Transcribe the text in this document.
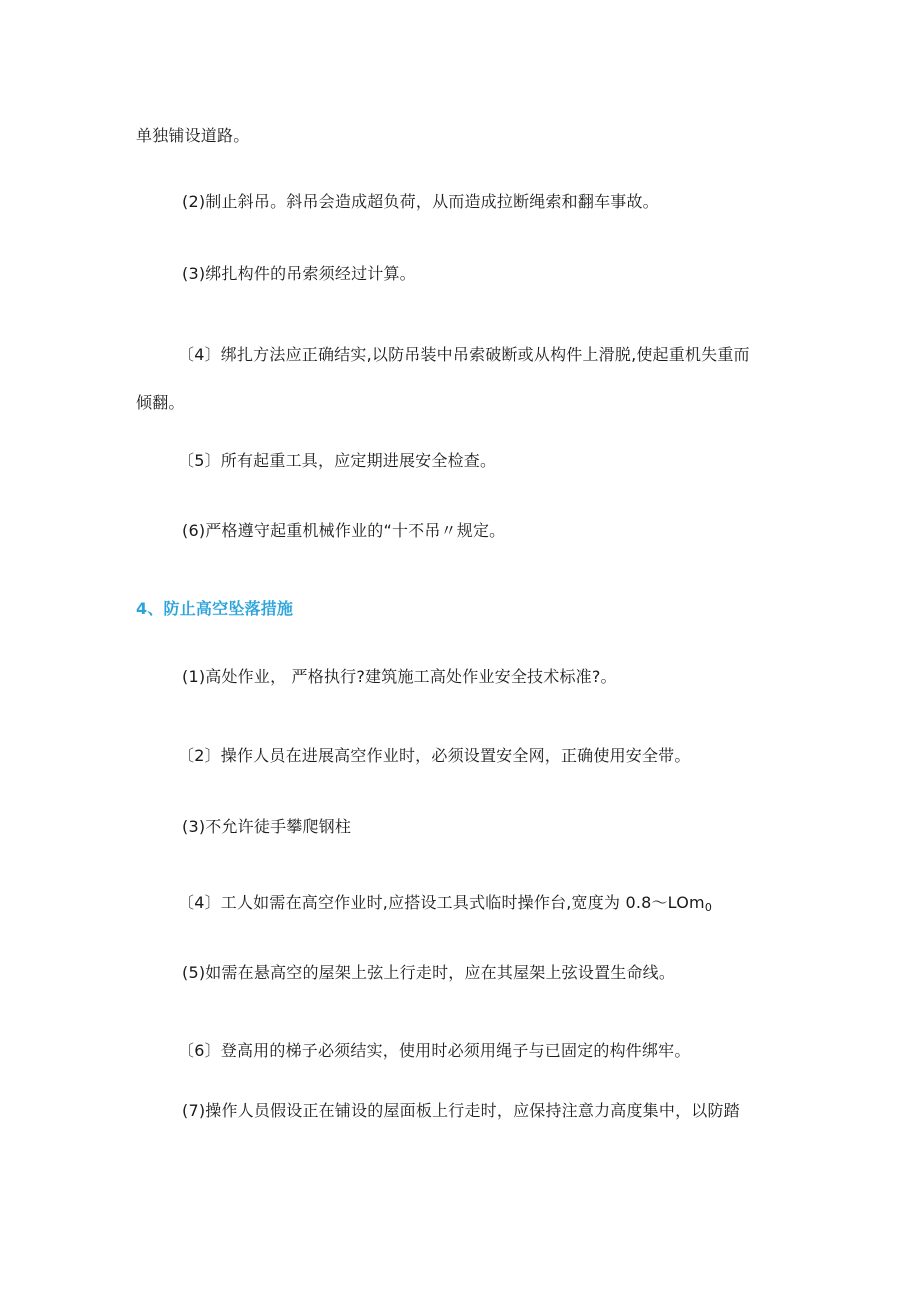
单独铺设道路。
(2)制止斜吊。斜吊会造成超负荷，从而造成拉断绳索和翻车事故。
(3)绑扎构件的吊索须经过计算。
〔4〕绑扎方法应正确结实,以防吊装中吊索破断或从构件上滑脱,使起重机失重而
倾翻。
〔5〕所有起重工具，应定期进展安全检查。
(6)严格遵守起重机械作业的“十不吊〃规定。
4、防止高空坠落措施
(1)高处作业， 严格执行?建筑施工高处作业安全技术标准?。
〔2〕操作人员在进展高空作业时，必须设置安全网，正确使用安全带。
(3)不允许徒手攀爬钢柱
〔4〕工人如需在高空作业时,应搭设工具式临时操作台,宽度为 0.8～LOm$_0$
(5)如需在悬高空的屋架上弦上行走时，应在其屋架上弦设置生命线。
〔6〕登高用的梯子必须结实，使用时必须用绳子与已固定的构件绑牢。
(7)操作人员假设正在铺设的屋面板上行走时，应保持注意力高度集中，以防踏
